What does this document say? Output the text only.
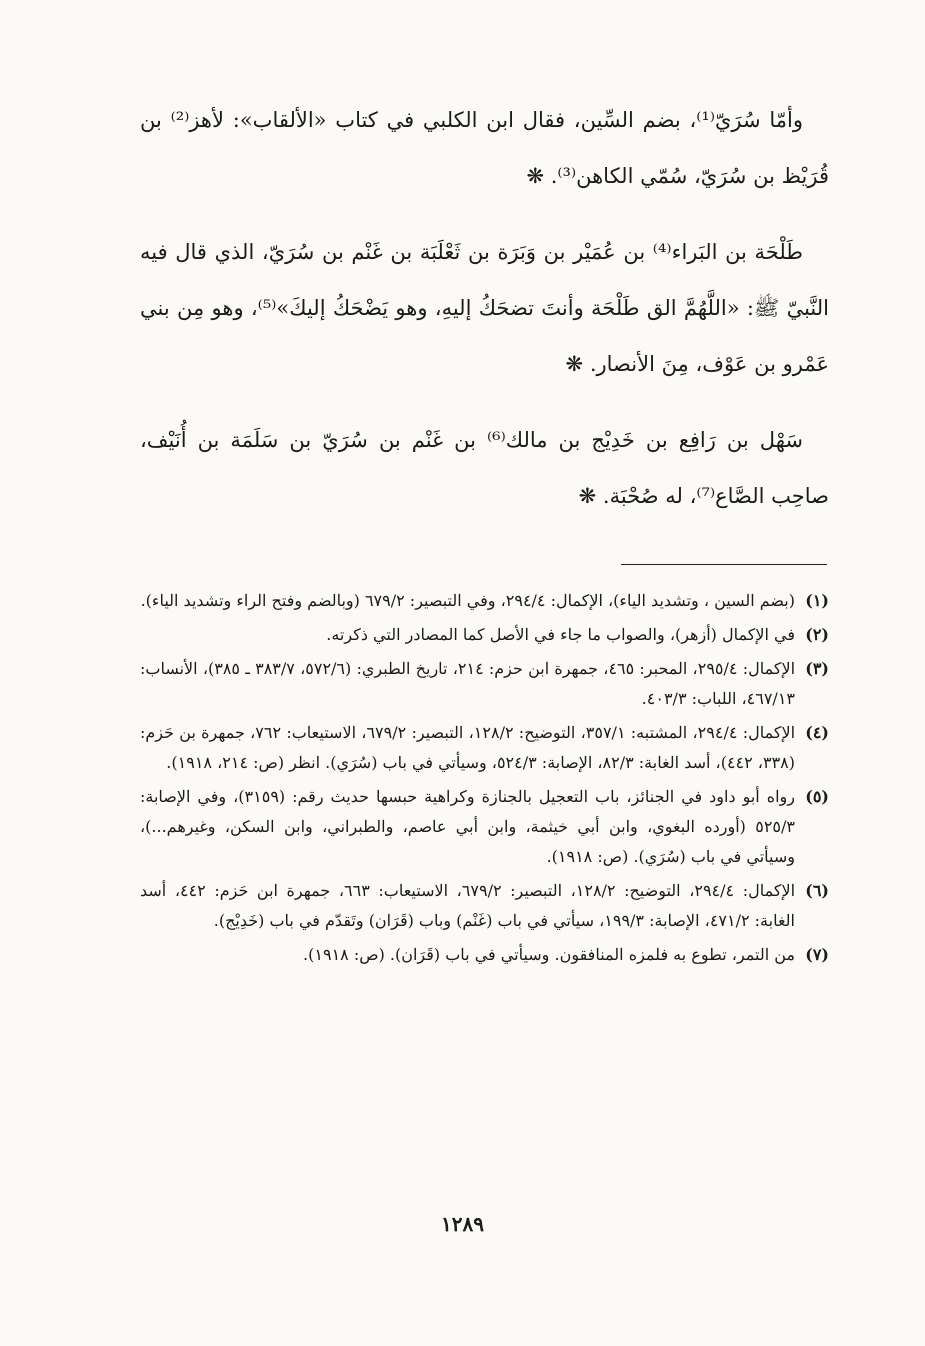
وأمّا سُرَيّ⁽¹⁾، بضم السِّين، فقال ابن الكلبي في كتاب «الألقاب»: لأهز⁽²⁾ بن قُرَيْظ بن سُرَيّ، سُمّي الكاهن⁽³⁾. ❋

طَلْحَة بن البَراء⁽⁴⁾ بن عُمَيْر بن وَبَرَة بن ثَعْلَبَة بن غَنْم بن سُرَيّ، الذي قال فيه النَّبيّ ﷺ: «اللَّهُمَّ الق طَلْحَة وأنتَ تضحَكُ إليهِ، وهو يَضْحَكُ إليكَ»⁽⁵⁾، وهو مِن بني عَمْرو بن عَوْف، مِنَ الأنصار. ❋

سَهْل بن رَافِع بن خَدِيْج بن مالك⁽⁶⁾ بن غَنْم بن سُرَيّ بن سَلَمَة بن أُنَيْف، صاحِب الصَّاع⁽⁷⁾، له صُحْبَة. ❋

(١)
(بضم السين ، وتشديد الياء)، الإكمال: ٢٩٤/٤، وفي التبصير: ٦٧٩/٢ (وبالضم وفتح الراء وتشديد الياء).
(٢)
في الإكمال (أزهر)، والصواب ما جاء في الأصل كما المصادر التي ذكرته.
(٣)
الإكمال: ٢٩٥/٤، المحبر: ٤٦٥، جمهرة ابن حزم: ٢١٤، تاريخ الطبري: (٥٧٢/٦، ٣٨٣/٧ ـ ٣٨٥)، الأنساب: ٤٦٧/١٣، اللباب: ٤٠٣/٣.
(٤)
الإكمال: ٢٩٤/٤، المشتبه: ٣٥٧/١، التوضيح: ١٢٨/٢، التبصير: ٦٧٩/٢، الاستيعاب: ٧٦٢، جمهرة بن حَزم: (٣٣٨، ٤٤٢)، أسد الغابة: ٨٢/٣، الإصابة: ٥٢٤/٣، وسيأتي في باب (سُرَي). انظر (ص: ٢١٤، ١٩١٨).
(٥)
رواه أبو داود في الجنائز، باب التعجيل بالجنازة وكراهية حبسها حديث رقم: (٣١٥٩)، وفي الإصابة: ٥٢٥/٣ (أورده البغوي، وابن أبي خيثمة، وابن أبي عاصم، والطبراني، وابن السكن، وغيرهم...)، وسيأتي في باب (سُرَي). (ص: ١٩١٨).
(٦)
الإكمال: ٢٩٤/٤، التوضيح: ١٢٨/٢، التبصير: ٦٧٩/٢، الاستيعاب: ٦٦٣، جمهرة ابن حَزم: ٤٤٢، أسد الغابة: ٤٧١/٢، الإصابة: ١٩٩/٣، سيأتي في باب (غَنْم) وباب (قَرَان) وتَقدّم في باب (خَدِيْج).
(٧)
من التمر، تطوع به فلمزه المنافقون. وسيأتي في باب (قَرَان). (ص: ١٩١٨).
١٢٨٩
